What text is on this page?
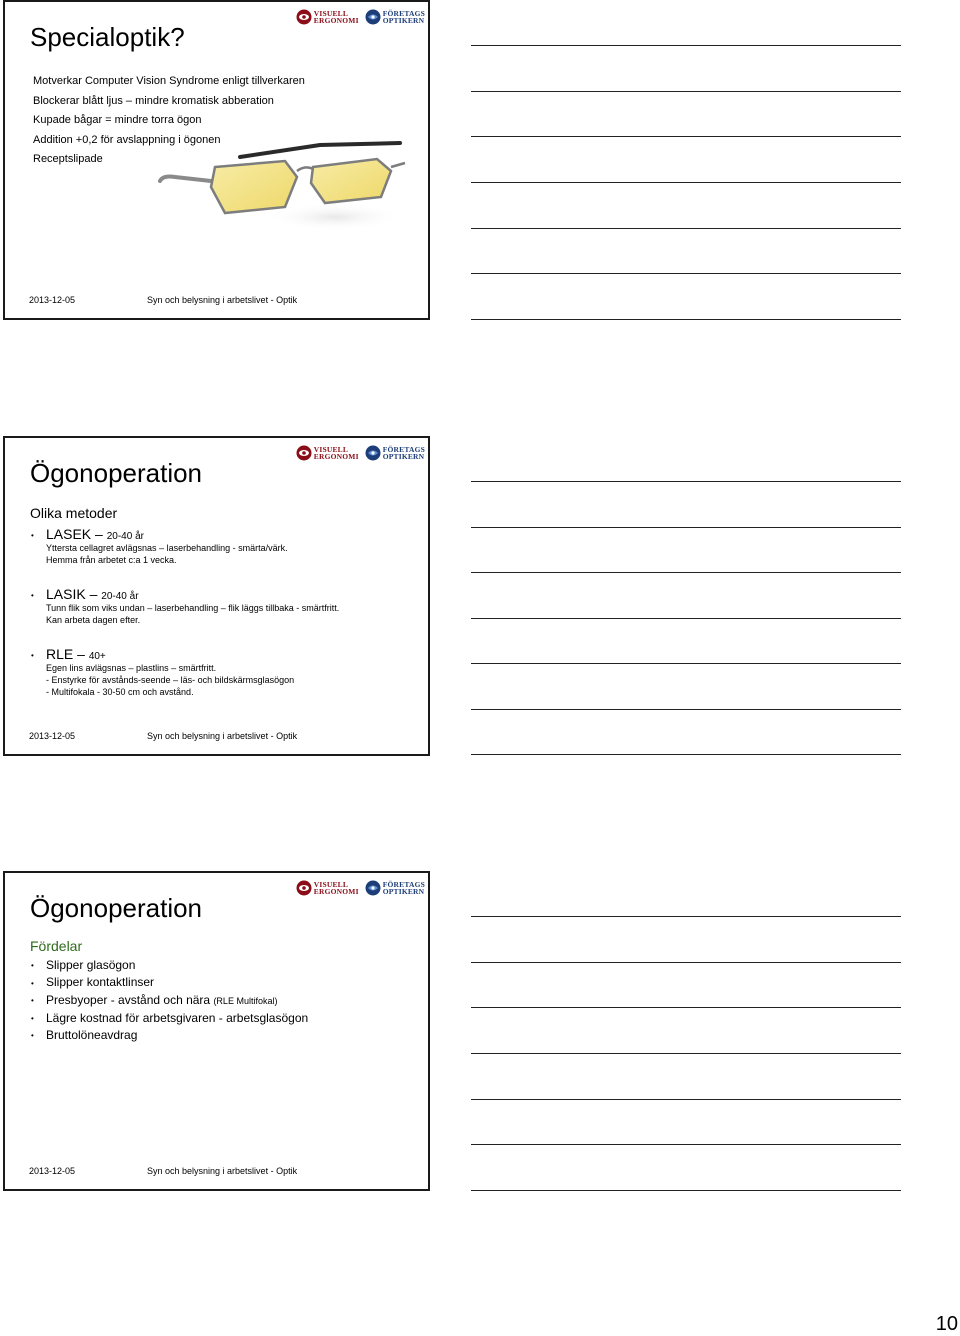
Specialoptik?
VISUELL
ERGONOMI
FÖRETAGS
OPTIKERN
Motverkar Computer Vision Syndrome enligt tillverkaren
Blockerar blått ljus – mindre kromatisk abberation
Kupade bågar = mindre torra ögon
Addition +0,2 för avslappning i ögonen
Receptslipade
2013-12-05	Syn och belysning i arbetslivet - Optik
Ögonoperation
VISUELL
ERGONOMI
FÖRETAGS
OPTIKERN
Olika metoder
• LASEK – 20-40 år
Yttersta cellagret avlägsnas – laserbehandling - smärta/värk.
Hemma från arbetet c:a 1 vecka.
• LASIK – 20-40 år
Tunn flik som viks undan – laserbehandling – flik läggs tillbaka - smärtfritt.
Kan arbeta dagen efter.
• RLE – 40+
Egen lins avlägsnas – plastlins – smärtfritt.
- Enstyrke för avstånds-seende – läs- och bildskärmsglasögon
- Multifokala - 30-50 cm och avstånd.
2013-12-05	Syn och belysning i arbetslivet - Optik
Ögonoperation
VISUELL
ERGONOMI
FÖRETAGS
OPTIKERN
Fördelar
• Slipper glasögon
• Slipper kontaktlinser
• Presbyoper - avstånd och nära (RLE Multifokal)
• Lägre kostnad för arbetsgivaren - arbetsglasögon
• Bruttolöneavdrag
2013-12-05	Syn och belysning i arbetslivet - Optik
10
